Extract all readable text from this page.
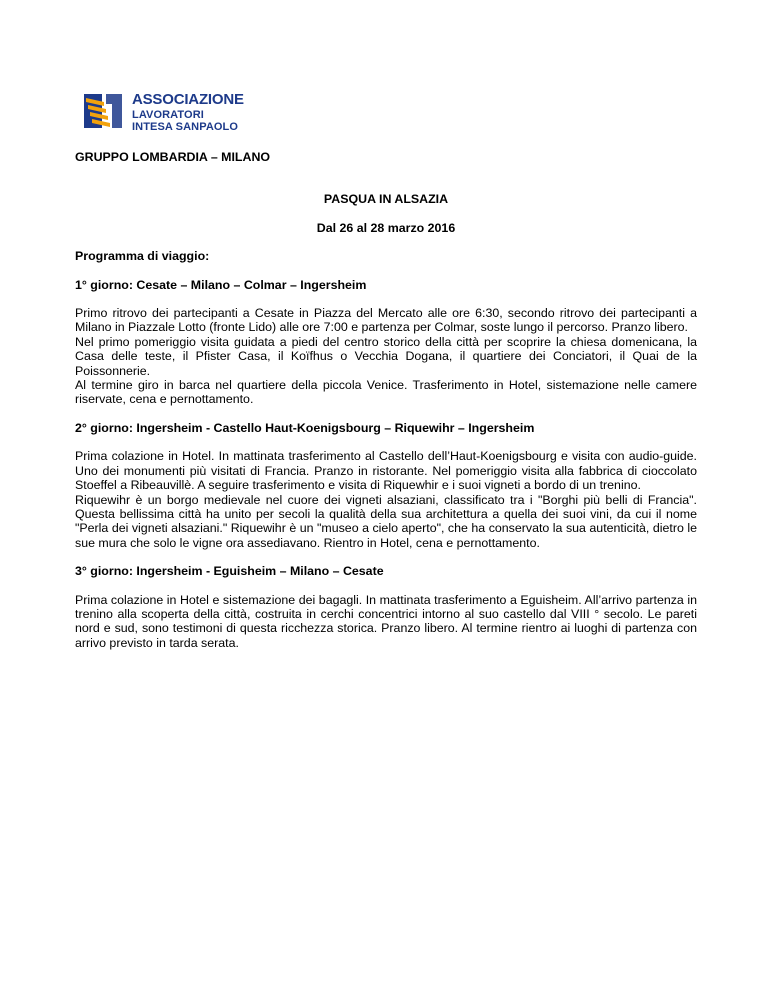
ASSOCIAZIONE
LAVORATORI
INTESA SANPAOLO

GRUPPO LOMBARDIA – MILANO

PASQUA IN ALSAZIA

Dal 26 al 28 marzo 2016

Programma di viaggio:

1° giorno: Cesate – Milano – Colmar – Ingersheim

Primo ritrovo dei partecipanti a Cesate in Piazza del Mercato alle ore 6:30, secondo ritrovo dei partecipanti a Milano in Piazzale Lotto (fronte Lido) alle ore 7:00 e partenza per Colmar, soste lungo il percorso. Pranzo libero.

Nel primo pomeriggio visita guidata a piedi del centro storico della città per scoprire la chiesa domenicana, la Casa delle teste, il Pfister Casa, il Koïfhus o Vecchia Dogana, il quartiere dei Conciatori, il Quai de la Poissonnerie.

Al termine giro in barca nel quartiere della piccola Venice. Trasferimento in Hotel, sistemazione nelle camere riservate, cena e pernottamento.

2° giorno: Ingersheim - Castello Haut-Koenigsbourg – Riquewihr – Ingersheim

Prima colazione in Hotel. In mattinata trasferimento al Castello dell’Haut-Koenigsbourg e visita con audio-guide. Uno dei monumenti più visitati di Francia. Pranzo in ristorante. Nel pomeriggio visita alla fabbrica di cioccolato Stoeffel a Ribeauvillè. A seguire trasferimento e visita di Riquewhir e i suoi vigneti a bordo di un trenino.

Riquewihr è un borgo medievale nel cuore dei vigneti alsaziani, classificato tra i "Borghi più belli di Francia". Questa bellissima città ha unito per secoli la qualità della sua architettura a quella dei suoi vini, da cui il nome "Perla dei vigneti alsaziani." Riquewihr è un "museo a cielo aperto", che ha conservato la sua autenticità, dietro le sue mura che solo le vigne ora assediavano. Rientro in Hotel, cena e pernottamento.

3° giorno: Ingersheim - Eguisheim – Milano – Cesate

Prima colazione in Hotel e sistemazione dei bagagli. In mattinata trasferimento a Eguisheim. All’arrivo partenza in trenino alla scoperta della città, costruita in cerchi concentrici intorno al suo castello dal VIII ° secolo. Le pareti nord e sud, sono testimoni di questa ricchezza storica. Pranzo libero. Al termine rientro ai luoghi di partenza con arrivo previsto in tarda serata.
